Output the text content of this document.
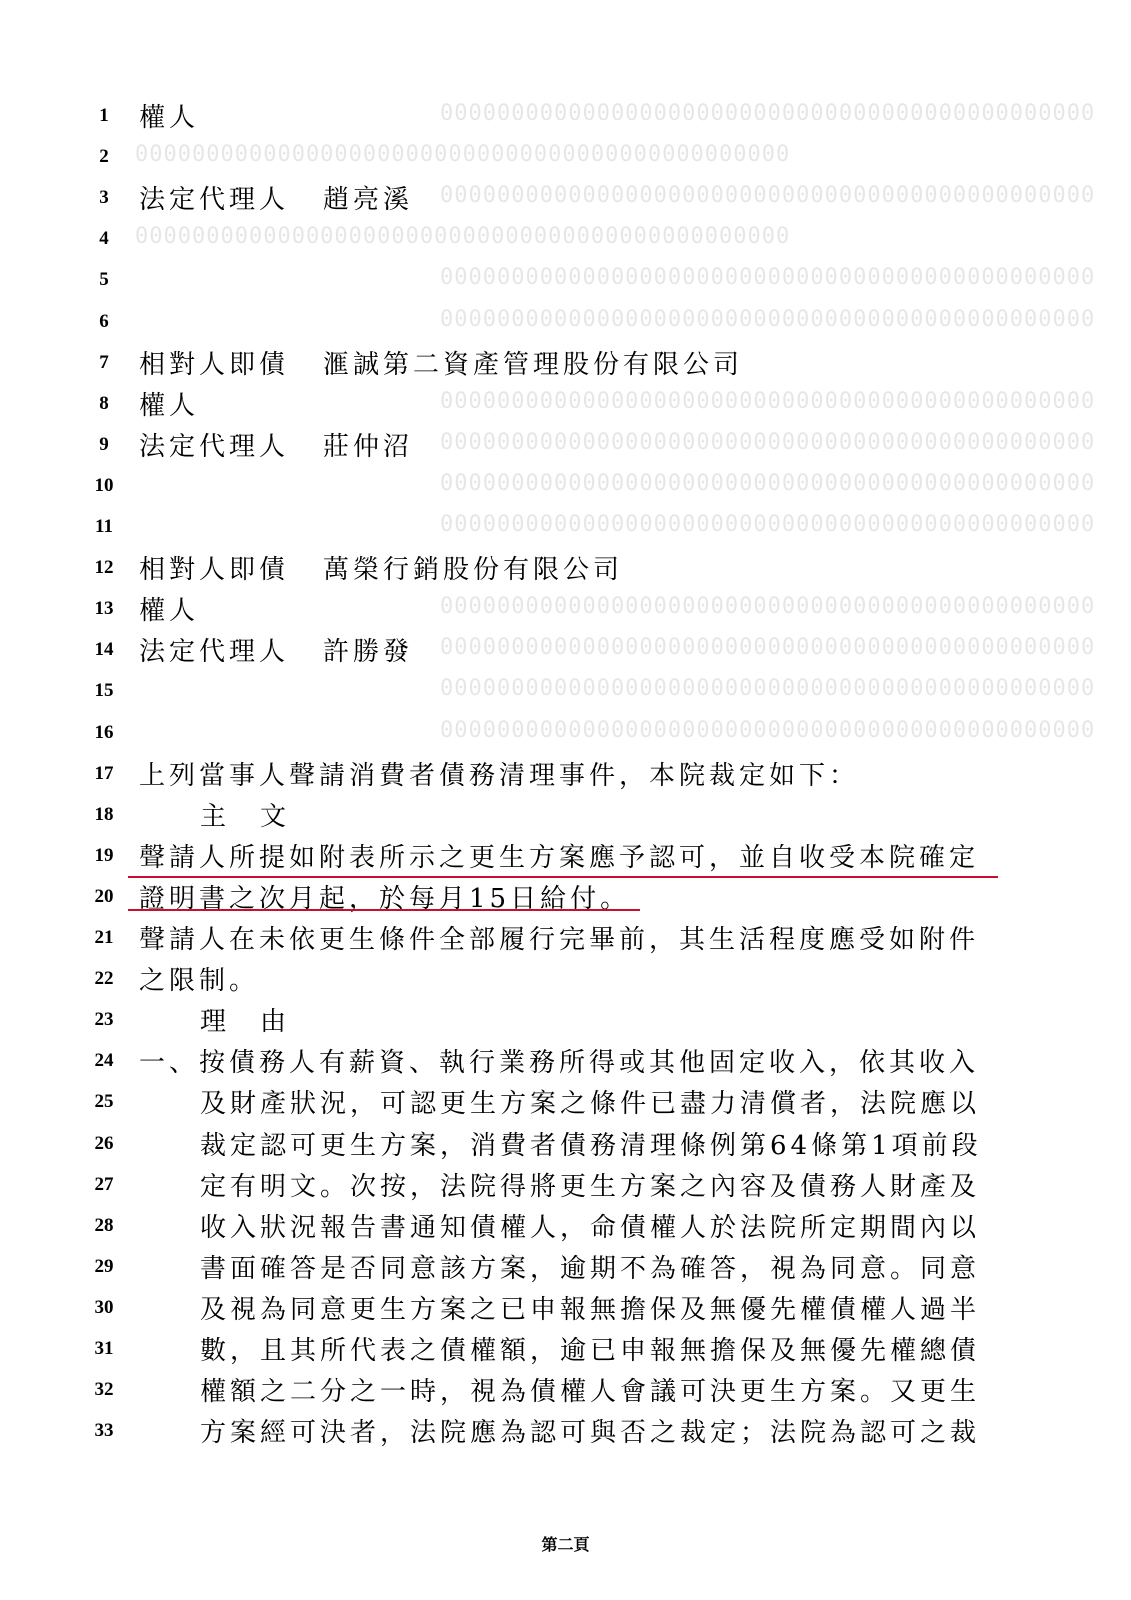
0000000000000000000000000000000000000000000000
1	權人
0000000000000000000000000000000000000000000000
2
0000000000000000000000000000000000000000000000
3	法定代理人 趙亮溪
0000000000000000000000000000000000000000000000
4
0000000000000000000000000000000000000000000000
5
0000000000000000000000000000000000000000000000
6
7	相對人即債 滙誠第二資產管理股份有限公司
0000000000000000000000000000000000000000000000
8	權人
0000000000000000000000000000000000000000000000
9	法定代理人 莊仲沼
0000000000000000000000000000000000000000000000
10
0000000000000000000000000000000000000000000000
11
12 相對人即債 萬榮行銷股份有限公司
0000000000000000000000000000000000000000000000
13 權人
0000000000000000000000000000000000000000000000
14 法定代理人 許勝發
0000000000000000000000000000000000000000000000
15
0000000000000000000000000000000000000000000000
16
17 上列當事人聲請消費者債務清理事件，本院裁定如下：
18	主　文
19 聲請人所提如附表所示之更生方案應予認可，並自收受本院確定
20 證明書之次月起，於每月15日給付。
21 聲請人在未依更生條件全部履行完畢前，其生活程度應受如附件
22 之限制。
23	理　由
24 一、按債務人有薪資、執行業務所得或其他固定收入，依其收入
25	及財產狀況，可認更生方案之條件已盡力清償者，法院應以
26	裁定認可更生方案，消費者債務清理條例第64條第1項前段
27	定有明文。次按，法院得將更生方案之內容及債務人財產及
28	收入狀況報告書通知債權人，命債權人於法院所定期間內以
29	書面確答是否同意該方案，逾期不為確答，視為同意。同意
30	及視為同意更生方案之已申報無擔保及無優先權債權人過半
31	數，且其所代表之債權額，逾已申報無擔保及無優先權總債
32	權額之二分之一時，視為債權人會議可決更生方案。又更生
33	方案經可決者，法院應為認可與否之裁定；法院為認可之裁
第二頁
